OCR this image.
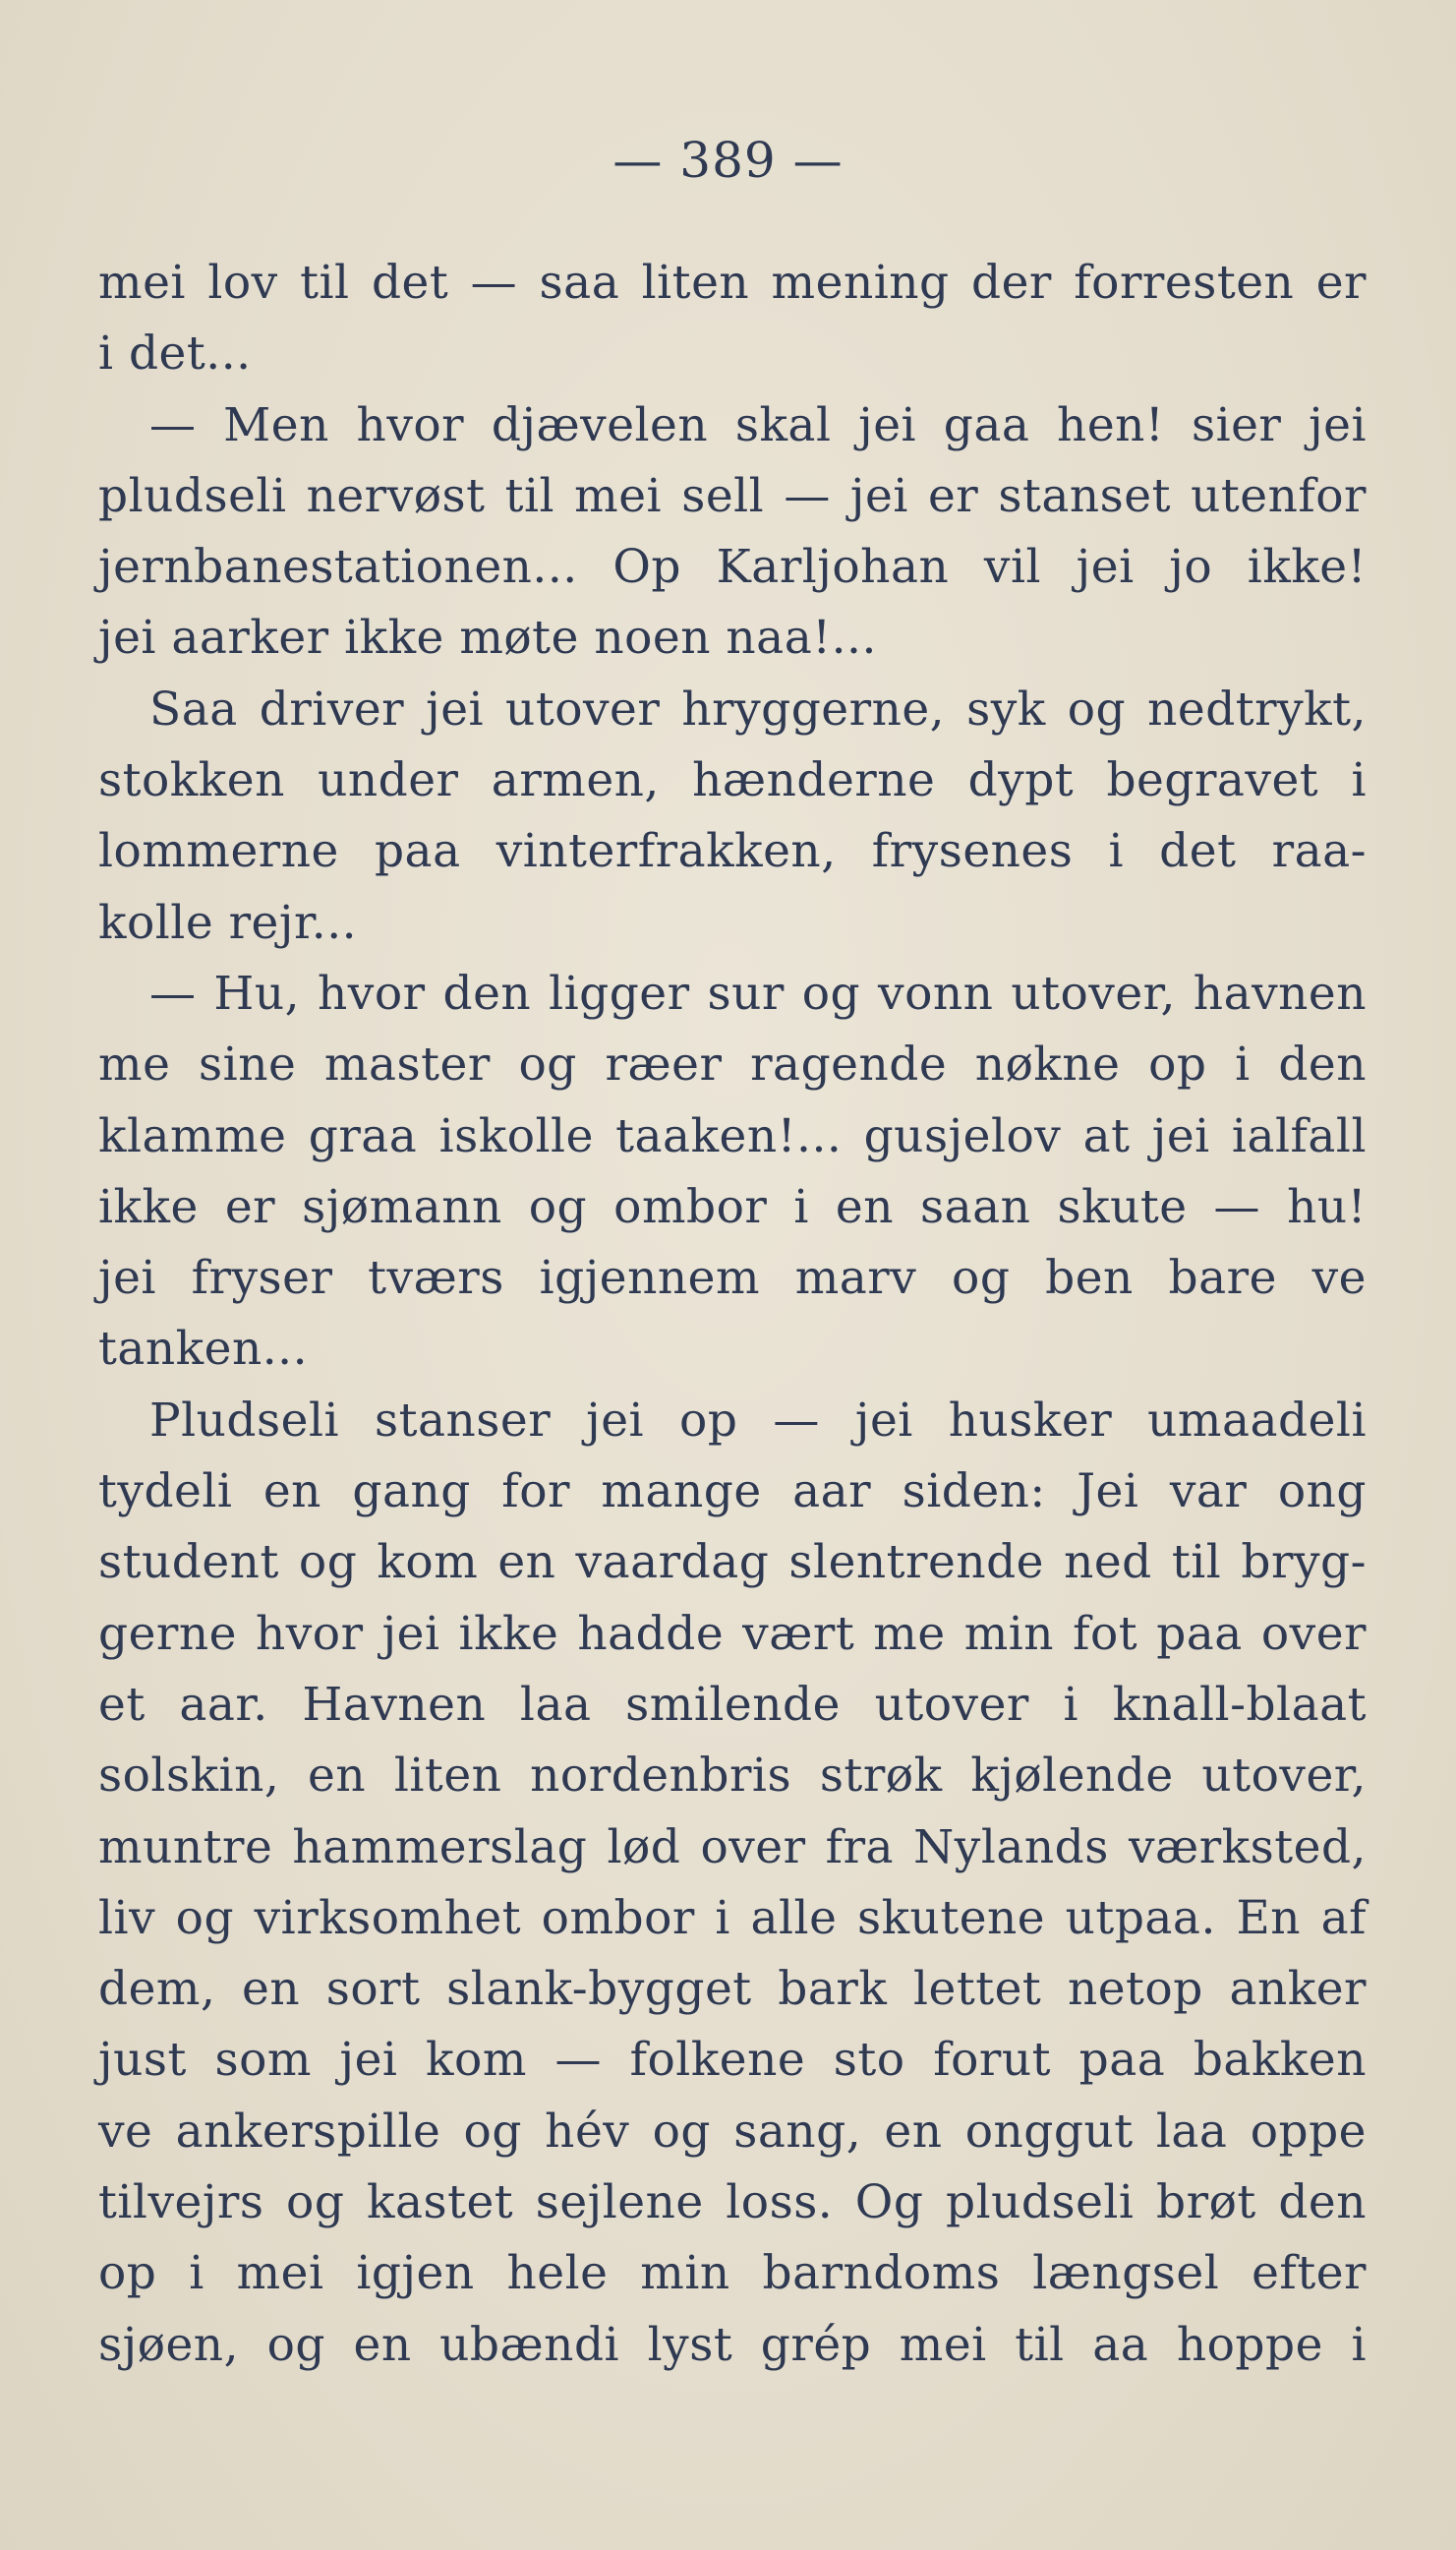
— 389 —
mei lov til det — saa liten mening der forresten er
i det...
— Men hvor djævelen skal jei gaa hen! sier jei
pludseli nervøst til mei sell — jei er stanset utenfor
jernbanestationen... Op Karljohan vil jei jo ikke!
jei aarker ikke møte noen naa!...
Saa driver jei utover hryggerne, syk og nedtrykt,
stokken under armen, hænderne dypt begravet i
lommerne paa vinterfrakken, frysenes i det raa-
kolle rejr...
— Hu, hvor den ligger sur og vonn utover, havnen
me sine master og ræer ragende nøkne op i den
klamme graa iskolle taaken!... gusjelov at jei ialfall
ikke er sjømann og ombor i en saan skute — hu!
jei fryser tværs igjennem marv og ben bare ve
tanken...
Pludseli stanser jei op — jei husker umaadeli
tydeli en gang for mange aar siden: Jei var ong
student og kom en vaardag slentrende ned til bryg-
gerne hvor jei ikke hadde vært me min fot paa over
et aar. Havnen laa smilende utover i knall-blaat
solskin, en liten nordenbris strøk kjølende utover,
muntre hammerslag lød over fra Nylands værksted,
liv og virksomhet ombor i alle skutene utpaa. En af
dem, en sort slank-bygget bark lettet netop anker
just som jei kom — folkene sto forut paa bakken
ve ankerspille og hév og sang, en onggut laa oppe
tilvejrs og kastet sejlene loss. Og pludseli brøt den
op i mei igjen hele min barndoms længsel efter
sjøen, og en ubændi lyst grép mei til aa hoppe i
